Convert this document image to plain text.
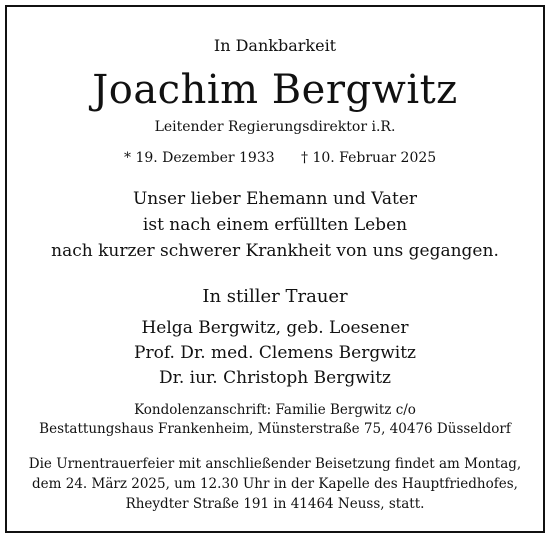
In Dankbarkeit
Joachim Bergwitz
Leitender Regierungsdirektor i.R.
* 19. Dezember 1933 † 10. Februar 2025
Unser lieber Ehemann und Vater
ist nach einem erfüllten Leben
nach kurzer schwerer Krankheit von uns gegangen.
In stiller Trauer
Helga Bergwitz, geb. Loesener
Prof. Dr. med. Clemens Bergwitz
Dr. iur. Christoph Bergwitz
Kondolenzanschrift: Familie Bergwitz c/o
Bestattungshaus Frankenheim, Münsterstraße 75, 40476 Düsseldorf
Die Urnentrauerfeier mit anschließender Beisetzung findet am Montag,
dem 24. März 2025, um 12.30 Uhr in der Kapelle des Hauptfriedhofes,
Rheydter Straße 191 in 41464 Neuss, statt.
